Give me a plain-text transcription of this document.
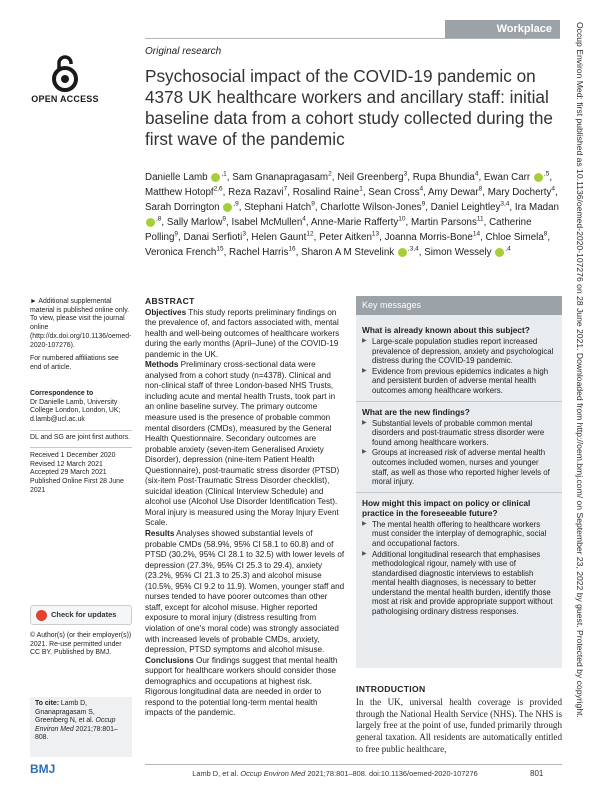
Workplace
OPEN ACCESS	Occup Environ Med: first published as 10.1136/oemed-2020-107276 on 28 June 2021. Downloaded from http://oem.bmj.com/ on September 23, 2022 by guest. Protected by copyright.
Original research
Psychosocial impact of the COVID-19 pandemic on 4378 UK healthcare workers and ancillary staff: initial baseline data from a cohort study collected during the first wave of the pandemic
Danielle Lamb $^{,1}$, Sam Gnanapragasam$^2$, Neil Greenberg$^3$, Rupa Bhundia$^4$, Ewan Carr $^{,5}$, Matthew Hotopf$^{2,6}$, Reza Razavi$^7$, Rosalind Raine$^1$, Sean Cross$^4$, Amy Dewar$^8$, Mary Docherty$^4$, Sarah Dorrington $^{,9}$, Stephani Hatch$^9$, Charlotte Wilson-Jones$^9$, Daniel Leightley$^{3,4}$, Ira Madan $^{,8}$, Sally Marlow$^9$, Isabel McMullen$^4$, Anne-Marie Rafferty$^{10}$, Martin Parsons$^{11}$, Catherine Polling$^9$, Danai Serfioti$^3$, Helen Gaunt$^{12}$, Peter Aitken$^{13}$, Joanna Morris-Bone$^{14}$, Chloe Simela$^8$, Veronica French$^{15}$, Rachel Harris$^{16}$, Sharon A M Stevelink $^{,3,4}$, Simon Wessely $^{,4}$
► Additional supplemental material is published online only. To view, please visit the journal online (http://dx.doi.org/10.1136/oemed-2020-107276).
For numbered affiliations see end of article.
Correspondence to
Dr Danielle Lamb, University College London, London, UK; d.lamb@ucl.ac.uk
DL and SG are joint first authors.
Received 1 December 2020
Revised 12 March 2021
Accepted 29 March 2021
Published Online First 28 June 2021
Check for updates
© Author(s) (or their employer(s)) 2021. Re-use permitted under CC BY. Published by BMJ.
To cite: Lamb D, Gnanapragasam S, Greenberg N, et al. Occup Environ Med 2021;78:801–808.
ABSTRACT

Objectives This study reports preliminary findings on the prevalence of, and factors associated with, mental health and well-being outcomes of healthcare workers during the early months (April–June) of the COVID-19 pandemic in the UK.

Methods Preliminary cross-sectional data were analysed from a cohort study (n=4378). Clinical and non-clinical staff of three London-based NHS Trusts, including acute and mental health Trusts, took part in an online baseline survey. The primary outcome measure used is the presence of probable common mental disorders (CMDs), measured by the General Health Questionnaire. Secondary outcomes are probable anxiety (seven-item Generalised Anxiety Disorder), depression (nine-item Patient Health Questionnaire), post-traumatic stress disorder (PTSD) (six-item Post-Traumatic Stress Disorder checklist), suicidal ideation (Clinical Interview Schedule) and alcohol use (Alcohol Use Disorder Identification Test). Moral injury is measured using the Moray Injury Event Scale.

Results Analyses showed substantial levels of probable CMDs (58.9%, 95% CI 58.1 to 60.8) and of PTSD (30.2%, 95% CI 28.1 to 32.5) with lower levels of depression (27.3%, 95% CI 25.3 to 29.4), anxiety (23.2%, 95% CI 21.3 to 25.3) and alcohol misuse (10.5%, 95% CI 9.2 to 11.9). Women, younger staff and nurses tended to have poorer outcomes than other staff, except for alcohol misuse. Higher reported exposure to moral injury (distress resulting from violation of one's moral code) was strongly associated with increased levels of probable CMDs, anxiety, depression, PTSD symptoms and alcohol misuse.

Conclusions Our findings suggest that mental health support for healthcare workers should consider those demographics and occupations at highest risk. Rigorous longitudinal data are needed in order to respond to the potential long-term mental health impacts of the pandemic.

Key messages
What is already known about this subject?
▶ Large-scale population studies report increased prevalence of depression, anxiety and psychological distress during the COVID-19 pandemic.
▶ Evidence from previous epidemics indicates a high and persistent burden of adverse mental health outcomes among healthcare workers.
What are the new findings?
▶ Substantial levels of probable common mental disorders and post-traumatic stress disorder were found among healthcare workers.
▶ Groups at increased risk of adverse mental health outcomes included women, nurses and younger staff, as well as those who reported higher levels of moral injury.
How might this impact on policy or clinical practice in the foreseeable future?
▶ The mental health offering to healthcare workers must consider the interplay of demographic, social and occupational factors.
▶ Additional longitudinal research that emphasises methodological rigour, namely with use of standardised diagnostic interviews to establish mental health diagnoses, is necessary to better understand the mental health burden, identify those most at risk and provide appropriate support without pathologising ordinary distress responses.
INTRODUCTION

In the UK, universal health coverage is provided through the National Health Service (NHS). The NHS is largely free at the point of use, funded primarily through general taxation. All residents are automatically entitled to free public healthcare,

BMJ	Lamb D, et al. Occup Environ Med 2021;78:801–808. doi:10.1136/oemed-2020-107276	801
